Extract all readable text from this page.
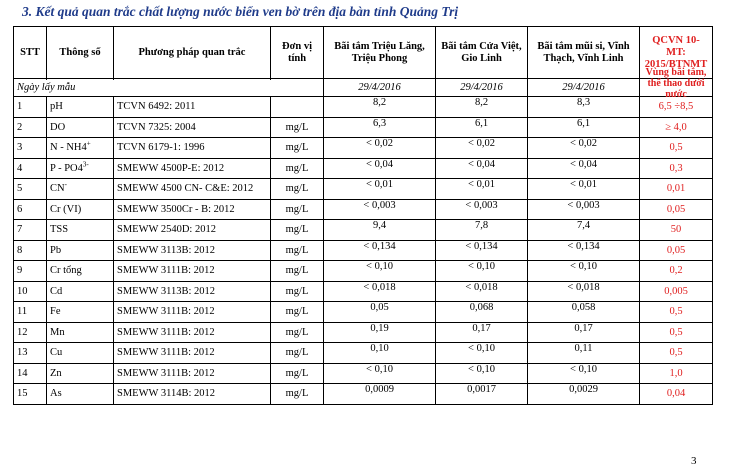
3. Kết quả quan trắc chất lượng nước biển ven bờ trên địa bàn tỉnh Quảng Trị
STT	Thông số	Phương pháp quan trắc	Đơn vị tính	Bãi tắm Triệu Lăng, Triệu Phong	Bãi tắm Cửa Việt, Gio Linh	Bãi tắm mũi si, Vĩnh Thạch, Vĩnh Linh	QCVN 10-MT: 2015/BTNMT

Ngày lấy mẫu				29/4/2016	29/4/2016	29/4/2016	Vùng bãi tắm, thể thao dưới nước

1	pH	TCVN 6492: 2011		8,2	8,2	8,3	6,5 ÷8,5
2	DO	TCVN 7325: 2004	mg/L	6,3	6,1	6,1	≥ 4,0
3	N - NH4+	TCVN 6179-1: 1996	mg/L	< 0,02	< 0,02	< 0,02	0,5
4	P - $PO4^{3-}$	SMEWW 4500P-E: 2012	mg/L	< 0,04	< 0,04	< 0,04	0,3
5	CN-	SMEWW 4500 CN- C&E: 2012	mg/L	< 0,01	< 0,01	< 0,01	0,01
6	Cr (VI)	SMEWW 3500Cr - B: 2012	mg/L	< 0,003	< 0,003	< 0,003	0,05
7	TSS	SMEWW 2540D: 2012	mg/L	9,4	7,8	7,4	50
8	Pb	SMEWW 3113B: 2012	mg/L	< 0,134	< 0,134	< 0,134	0,05
9	Cr tổng	SMEWW 3111B: 2012	mg/L	< 0,10	< 0,10	< 0,10	0,2
10	Cd	SMEWW 3113B: 2012	mg/L	< 0,018	< 0,018	< 0,018	0,005
11	Fe	SMEWW 3111B: 2012	mg/L	0,05	0,068	0,058	0,5
12	Mn	SMEWW 3111B: 2012	mg/L	0,19	0,17	0,17	0,5
13	Cu	SMEWW 3111B: 2012	mg/L	0,10	< 0,10	0,11	0,5
14	Zn	SMEWW 3111B: 2012	mg/L	< 0,10	< 0,10	< 0,10	1,0
15	As	SMEWW 3114B: 2012	mg/L	0,0009	0,0017	0,0029	0,04
3
